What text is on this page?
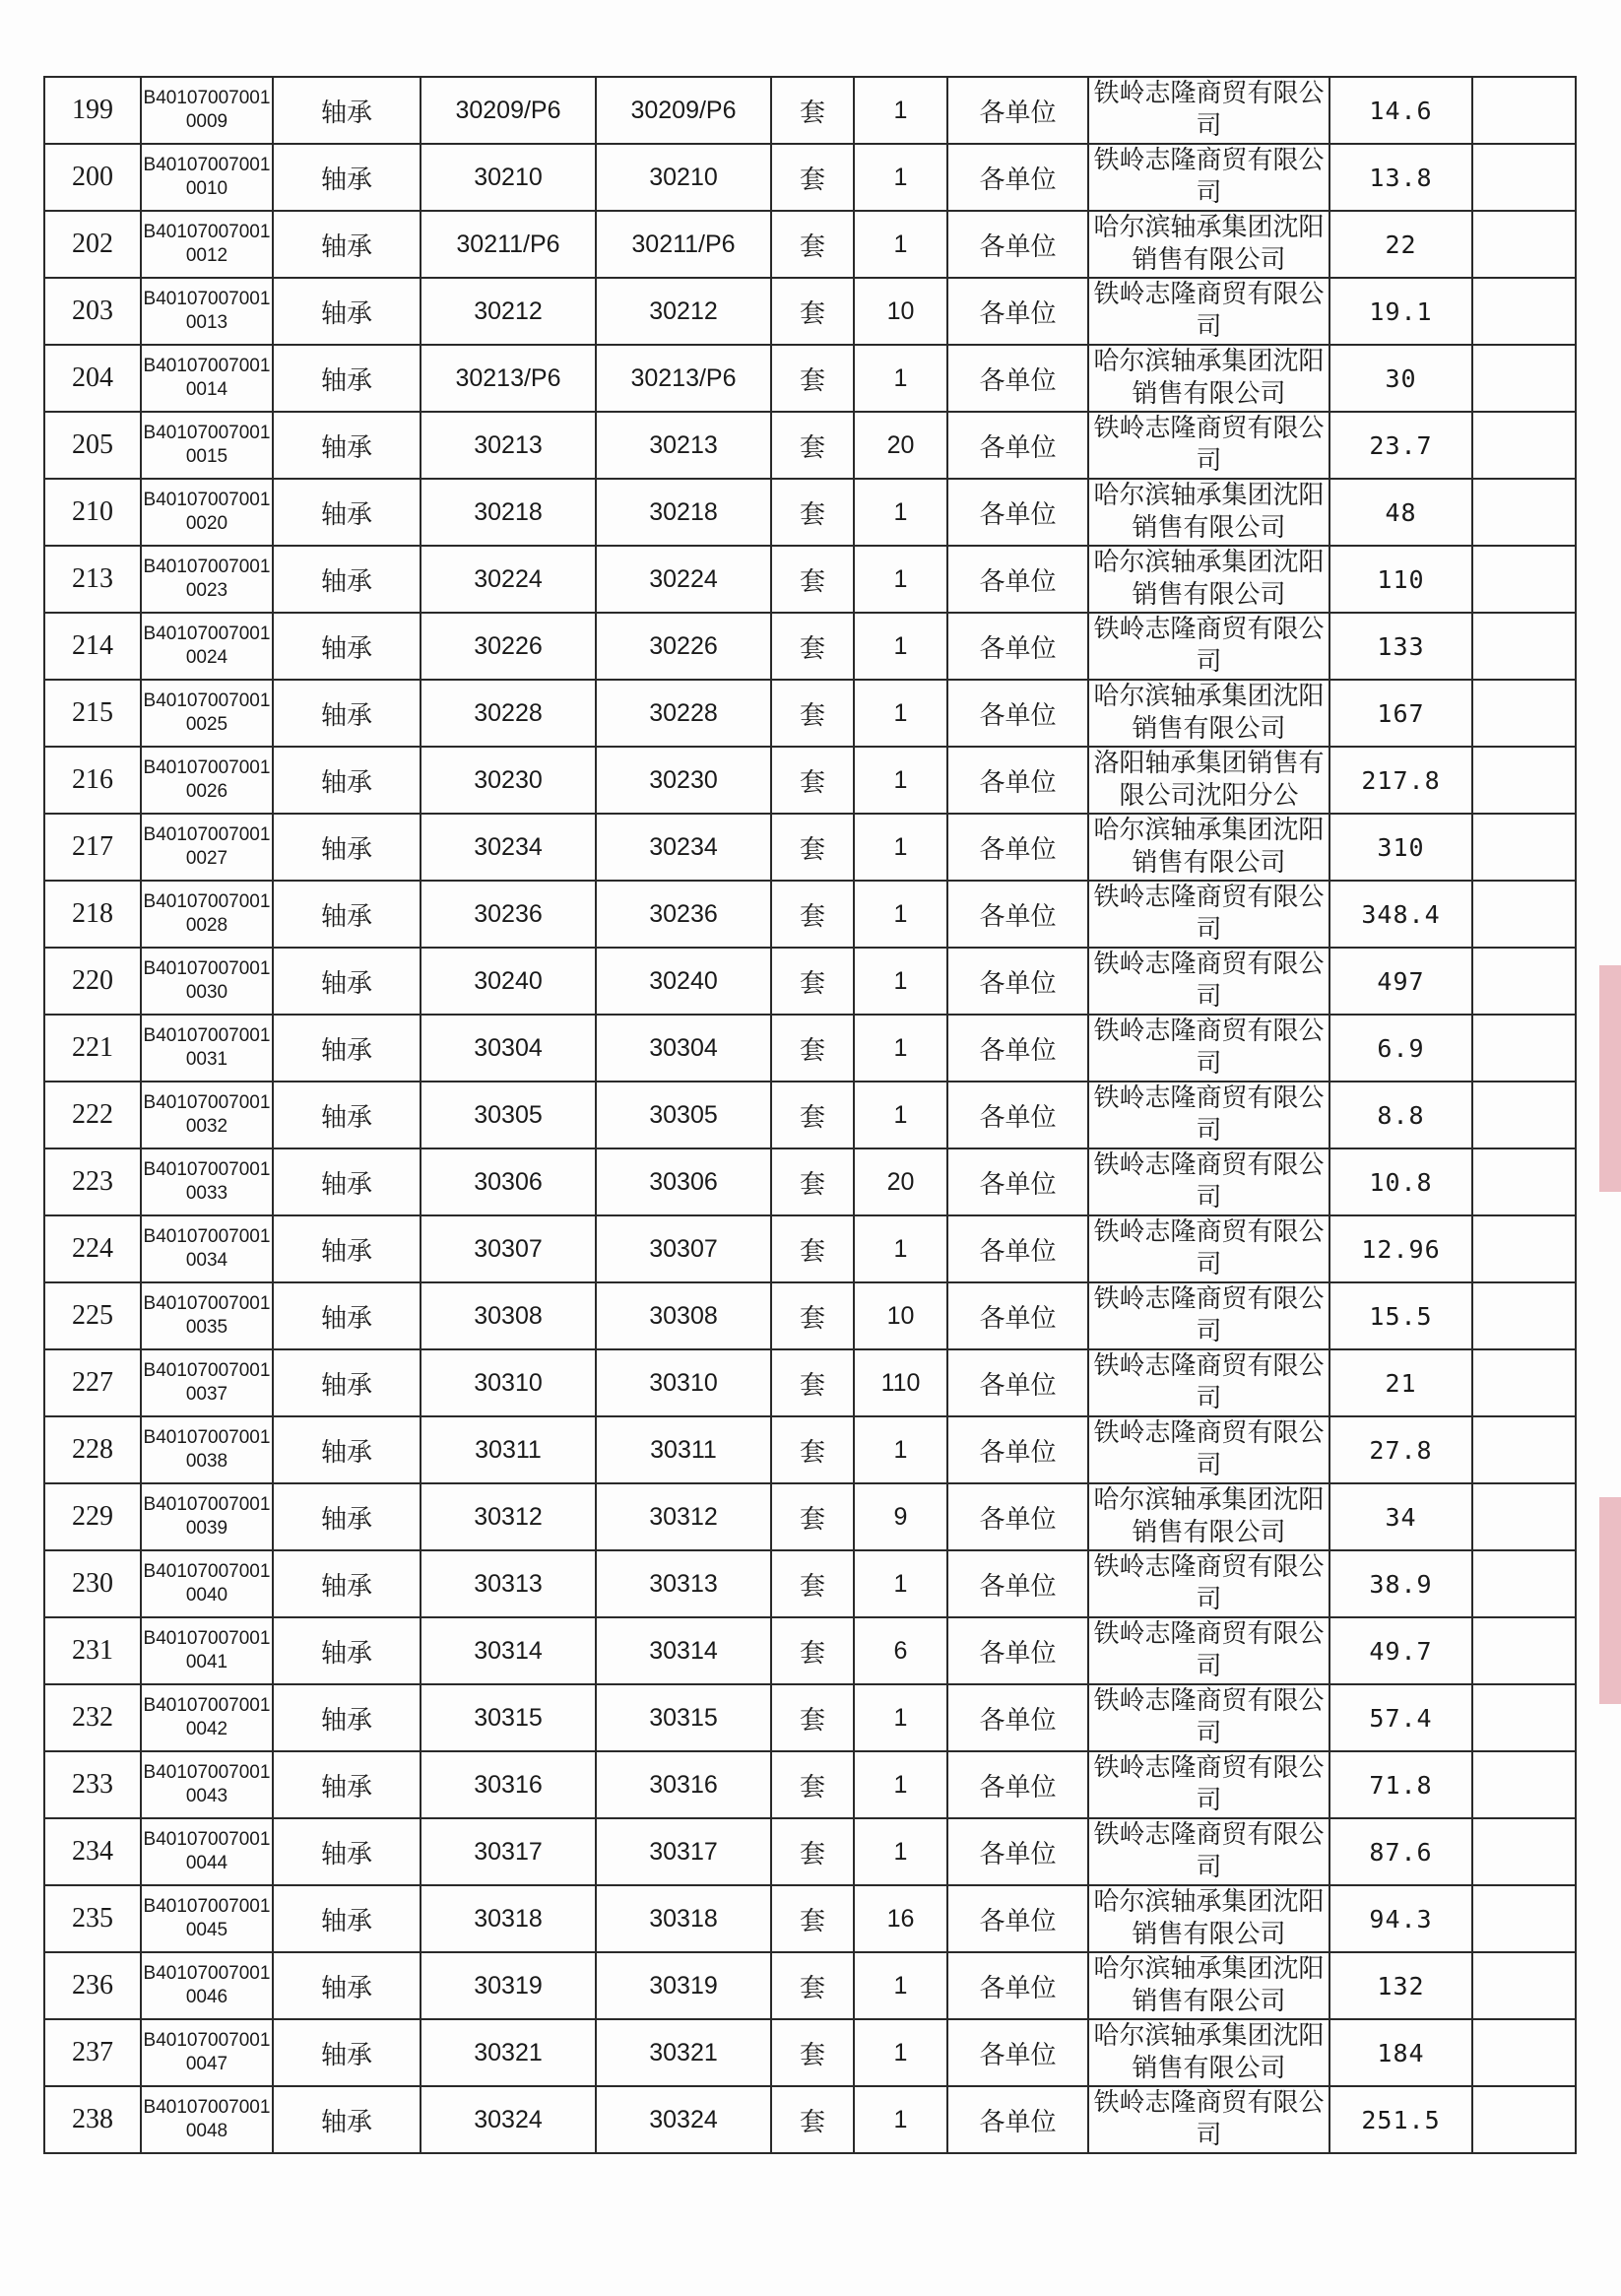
199	B401070070010009	轴承	30209/P6	30209/P6	套	1	各单位	铁岭志隆商贸有限公司	14.6	
200	B401070070010010	轴承	30210	30210	套	1	各单位	铁岭志隆商贸有限公司	13.8	
202	B401070070010012	轴承	30211/P6	30211/P6	套	1	各单位	哈尔滨轴承集团沈阳销售有限公司	22	
203	B401070070010013	轴承	30212	30212	套	10	各单位	铁岭志隆商贸有限公司	19.1	
204	B401070070010014	轴承	30213/P6	30213/P6	套	1	各单位	哈尔滨轴承集团沈阳销售有限公司	30	
205	B401070070010015	轴承	30213	30213	套	20	各单位	铁岭志隆商贸有限公司	23.7	
210	B401070070010020	轴承	30218	30218	套	1	各单位	哈尔滨轴承集团沈阳销售有限公司	48	
213	B401070070010023	轴承	30224	30224	套	1	各单位	哈尔滨轴承集团沈阳销售有限公司	110	
214	B401070070010024	轴承	30226	30226	套	1	各单位	铁岭志隆商贸有限公司	133	
215	B401070070010025	轴承	30228	30228	套	1	各单位	哈尔滨轴承集团沈阳销售有限公司	167	
216	B401070070010026	轴承	30230	30230	套	1	各单位	洛阳轴承集团销售有限公司沈阳分公	217.8	
217	B401070070010027	轴承	30234	30234	套	1	各单位	哈尔滨轴承集团沈阳销售有限公司	310	
218	B401070070010028	轴承	30236	30236	套	1	各单位	铁岭志隆商贸有限公司	348.4	
220	B401070070010030	轴承	30240	30240	套	1	各单位	铁岭志隆商贸有限公司	497	
221	B401070070010031	轴承	30304	30304	套	1	各单位	铁岭志隆商贸有限公司	6.9	
222	B401070070010032	轴承	30305	30305	套	1	各单位	铁岭志隆商贸有限公司	8.8	
223	B401070070010033	轴承	30306	30306	套	20	各单位	铁岭志隆商贸有限公司	10.8	
224	B401070070010034	轴承	30307	30307	套	1	各单位	铁岭志隆商贸有限公司	12.96	
225	B401070070010035	轴承	30308	30308	套	10	各单位	铁岭志隆商贸有限公司	15.5	
227	B401070070010037	轴承	30310	30310	套	110	各单位	铁岭志隆商贸有限公司	21	
228	B401070070010038	轴承	30311	30311	套	1	各单位	铁岭志隆商贸有限公司	27.8	
229	B401070070010039	轴承	30312	30312	套	9	各单位	哈尔滨轴承集团沈阳销售有限公司	34	
230	B401070070010040	轴承	30313	30313	套	1	各单位	铁岭志隆商贸有限公司	38.9	
231	B401070070010041	轴承	30314	30314	套	6	各单位	铁岭志隆商贸有限公司	49.7	
232	B401070070010042	轴承	30315	30315	套	1	各单位	铁岭志隆商贸有限公司	57.4	
233	B401070070010043	轴承	30316	30316	套	1	各单位	铁岭志隆商贸有限公司	71.8	
234	B401070070010044	轴承	30317	30317	套	1	各单位	铁岭志隆商贸有限公司	87.6	
235	B401070070010045	轴承	30318	30318	套	16	各单位	哈尔滨轴承集团沈阳销售有限公司	94.3	
236	B401070070010046	轴承	30319	30319	套	1	各单位	哈尔滨轴承集团沈阳销售有限公司	132	
237	B401070070010047	轴承	30321	30321	套	1	各单位	哈尔滨轴承集团沈阳销售有限公司	184	
238	B401070070010048	轴承	30324	30324	套	1	各单位	铁岭志隆商贸有限公司	251.5	
